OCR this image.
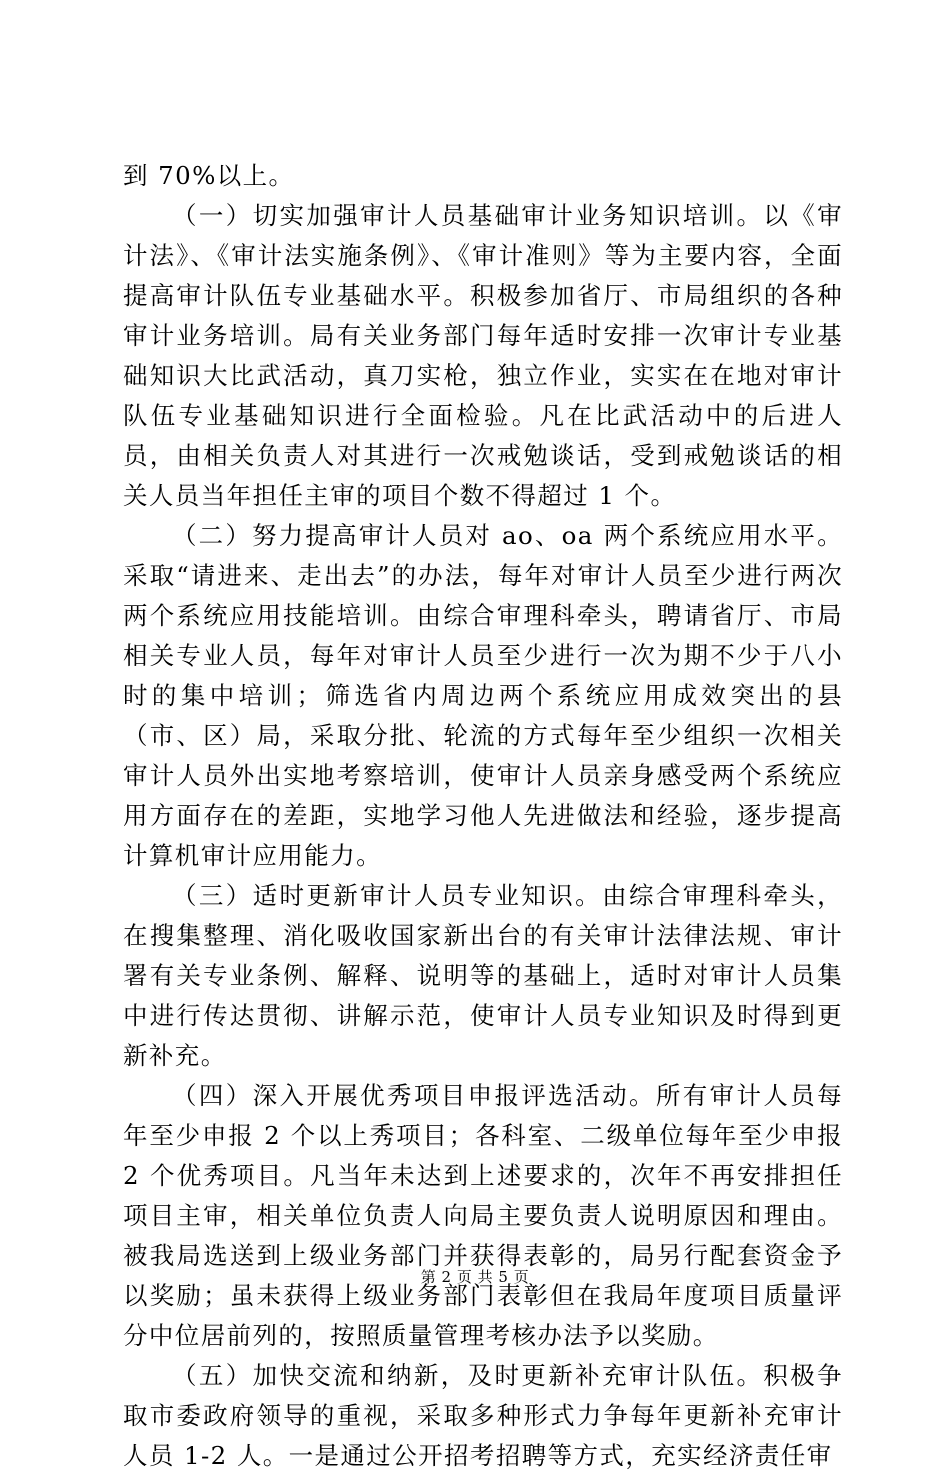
到 70%以上。

（一）切实加强审计人员基础审计业务知识培训。以《审计法》、《审计法实施条例》、《审计准则》等为主要内容，全面提高审计队伍专业基础水平。积极参加省厅、市局组织的各种审计业务培训。局有关业务部门每年适时安排一次审计专业基础知识大比武活动，真刀实枪，独立作业，实实在在地对审计队伍专业基础知识进行全面检验。凡在比武活动中的后进人员，由相关负责人对其进行一次戒勉谈话，受到戒勉谈话的相关人员当年担任主审的项目个数不得超过 1 个。

（二）努力提高审计人员对 ao、oa 两个系统应用水平。采取“请进来、走出去”的办法，每年对审计人员至少进行两次两个系统应用技能培训。由综合审理科牵头，聘请省厅、市局相关专业人员，每年对审计人员至少进行一次为期不少于八小时的集中培训；筛选省内周边两个系统应用成效突出的县（市、区）局，采取分批、轮流的方式每年至少组织一次相关审计人员外出实地考察培训，使审计人员亲身感受两个系统应用方面存在的差距，实地学习他人先进做法和经验，逐步提高计算机审计应用能力。

（三）适时更新审计人员专业知识。由综合审理科牵头，在搜集整理、消化吸收国家新出台的有关审计法律法规、审计署有关专业条例、解释、说明等的基础上，适时对审计人员集中进行传达贯彻、讲解示范，使审计人员专业知识及时得到更新补充。

（四）深入开展优秀项目申报评选活动。所有审计人员每年至少申报 2 个以上秀项目；各科室、二级单位每年至少申报 2 个优秀项目。凡当年未达到上述要求的，次年不再安排担任项目主审，相关单位负责人向局主要负责人说明原因和理由。被我局选送到上级业务部门并获得表彰的，局另行配套资金予以奖励；虽未获得上级业务部门表彰但在我局年度项目质量评分中位居前列的，按照质量管理考核办法予以奖励。

（五）加快交流和纳新，及时更新补充审计队伍。积极争取市委政府领导的重视，采取多种形式力争每年更新补充审计人员 1-2 人。一是通过公开招考招聘等方式，充实经济责任审

第 2 页 共 5 页
